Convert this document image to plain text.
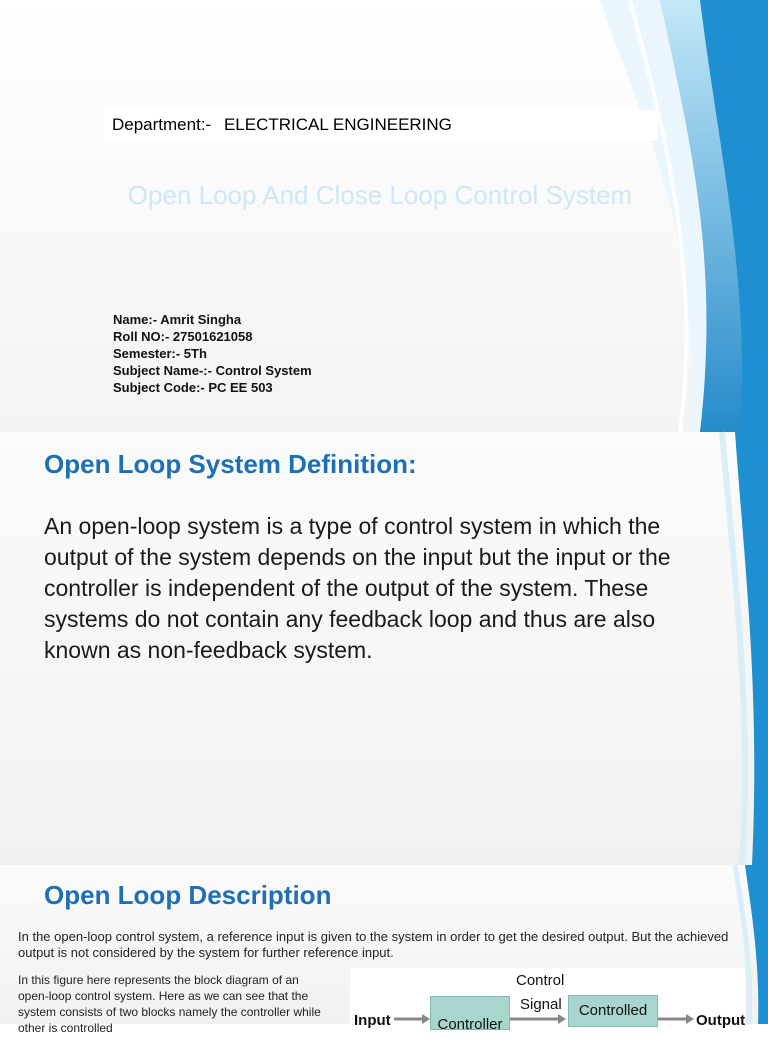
Department:- ELECTRICAL ENGINEERING
Open Loop And Close Loop Control System
Name:- Amrit Singha
Roll NO:- 27501621058
Semester:- 5Th
Subject Name-:- Control System
Subject Code:- PC EE 503
Open Loop System Definition:
An open-loop system is a type of control system in which the output of the system depends on the input but the input or the controller is independent of the output of the system. These systems do not contain any feedback loop and thus are also known as non-feedback system.
Open Loop Description
In the open-loop control system, a reference input is given to the system in order to get the desired output. But the achieved output is not considered by the system for further reference input.
In this figure here represents the block diagram of an open-loop control system. Here as we can see that the system consists of two blocks namely the controller while other is controlled	Input	Controller
Control
Signal	Controlled
Output
